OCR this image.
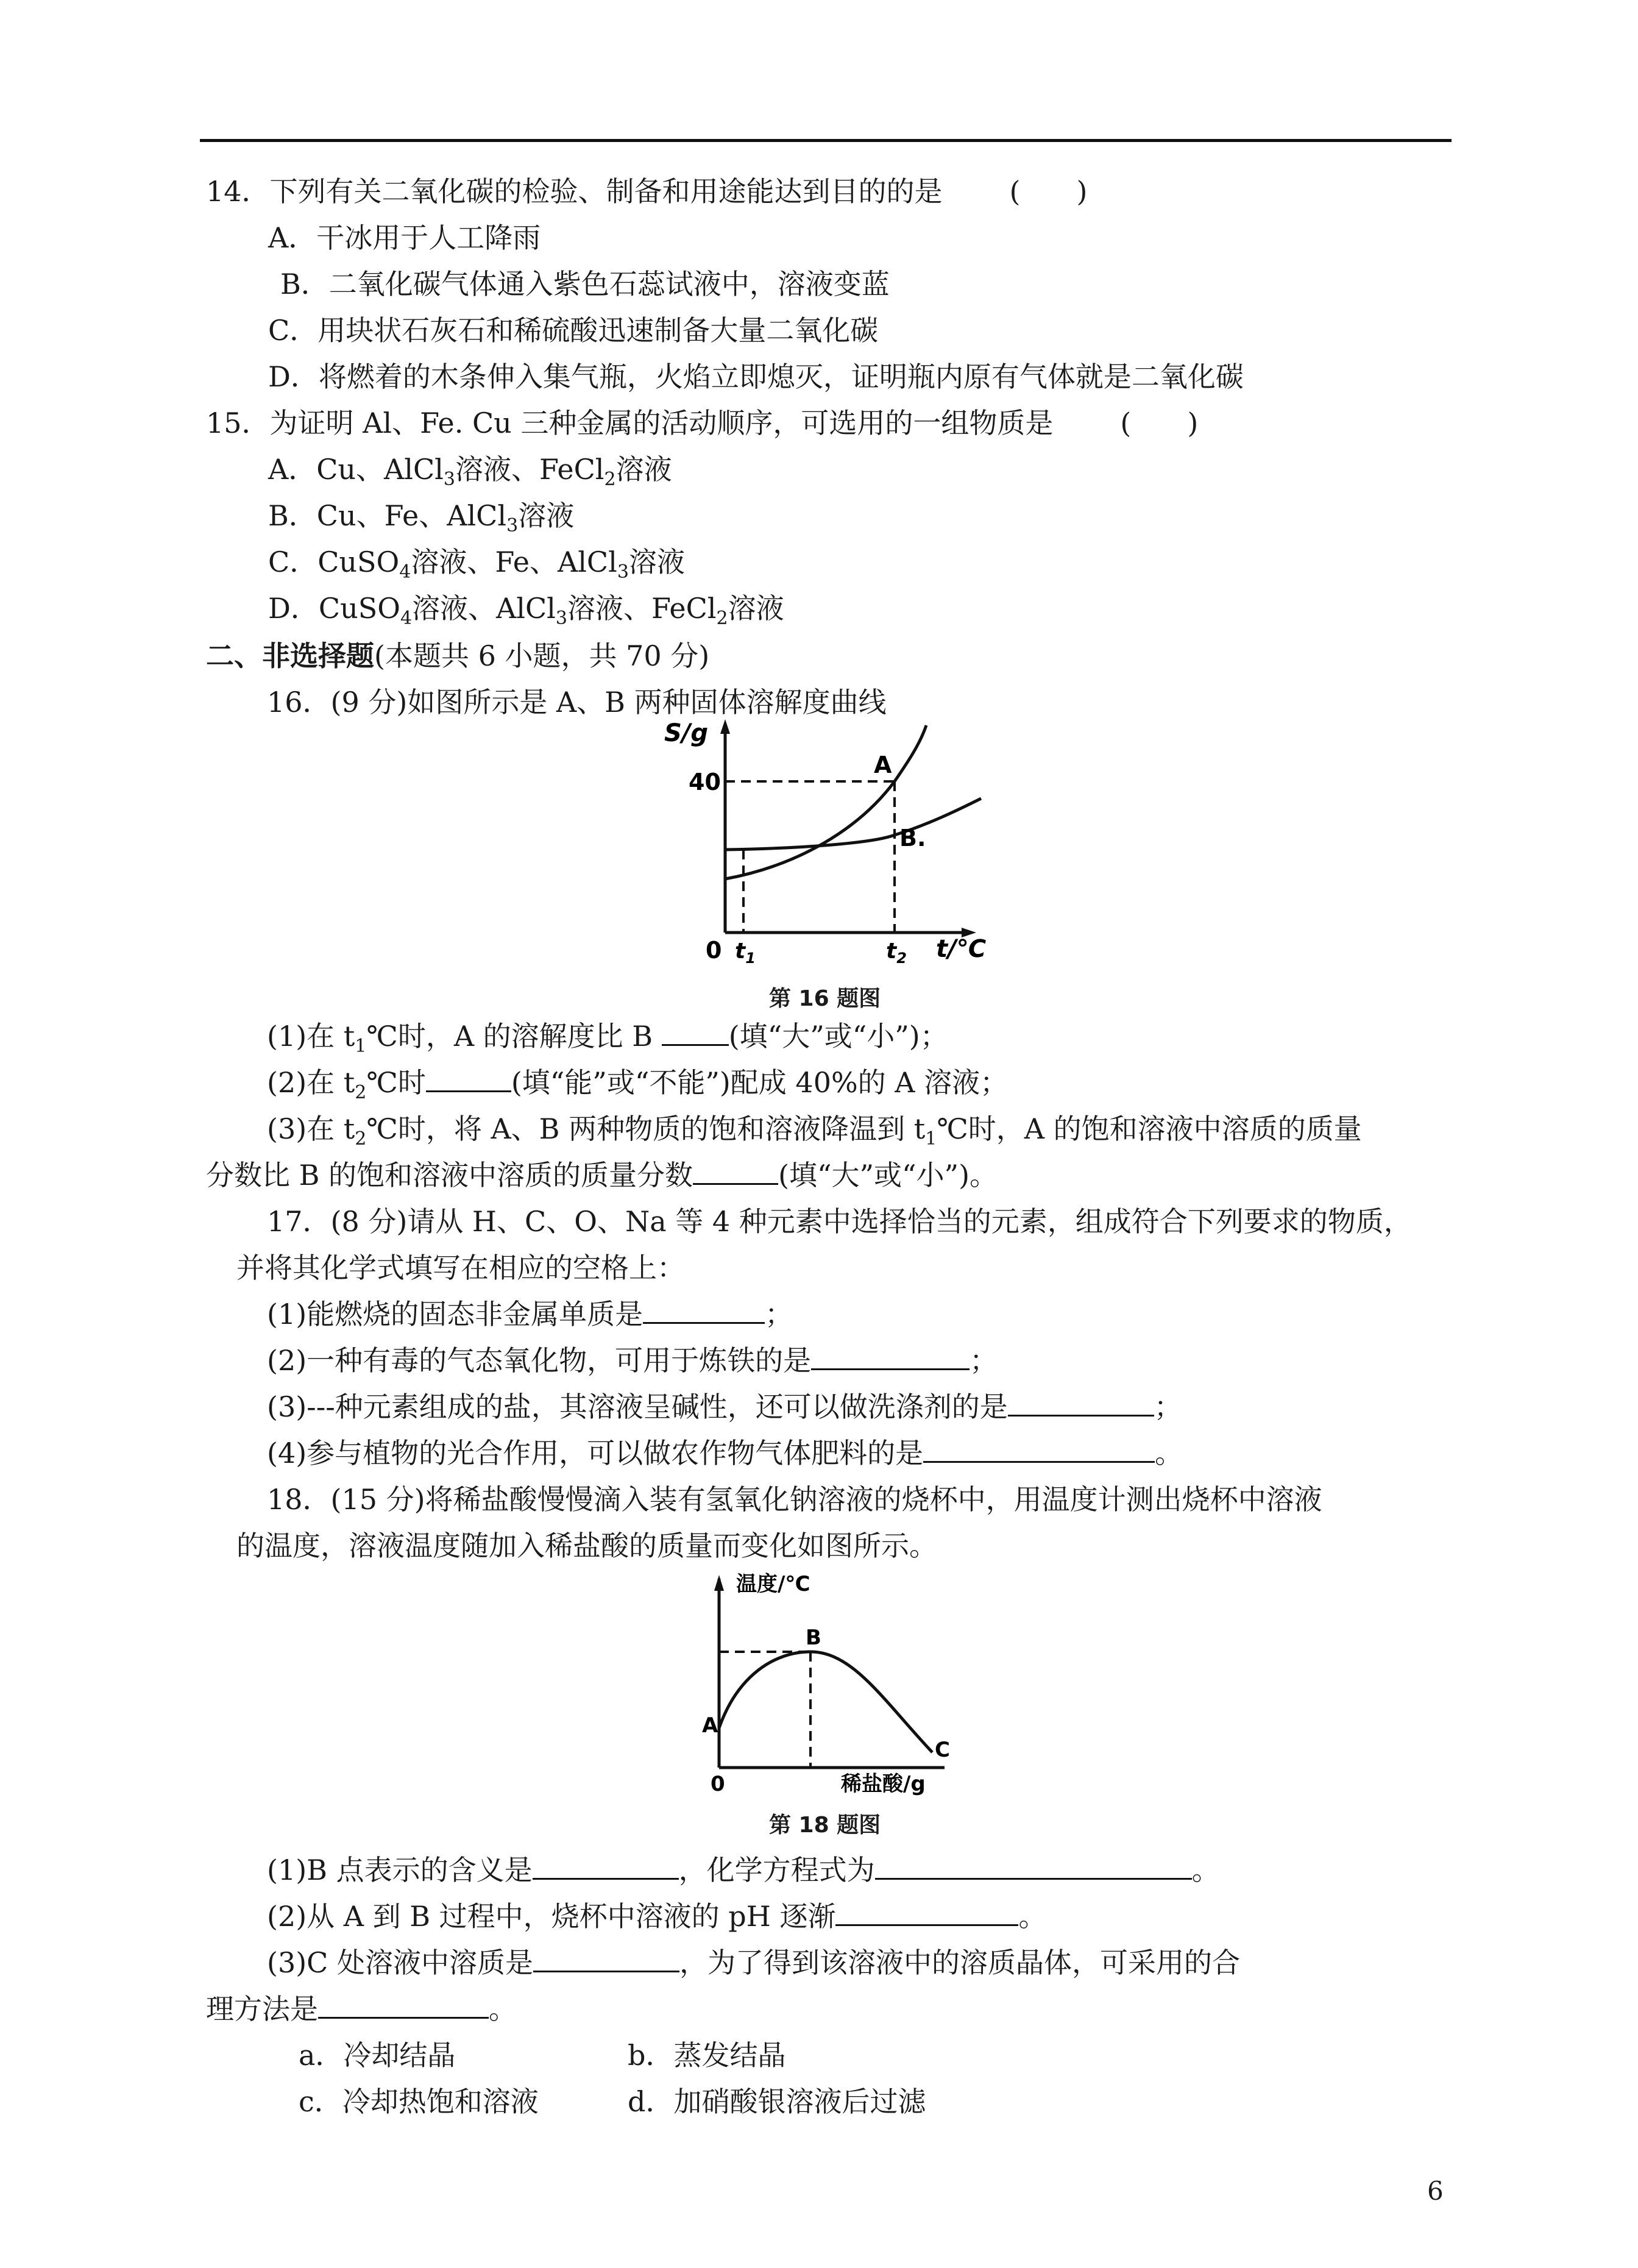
14．下列有关二氧化碳的检验、制备和用途能达到目的的是 (　　)
A．干冰用于人工降雨
B．二氧化碳气体通入紫色石蕊试液中，溶液变蓝
C．用块状石灰石和稀硫酸迅速制备大量二氧化碳
D．将燃着的木条伸入集气瓶，火焰立即熄灭，证明瓶内原有气体就是二氧化碳
15．为证明 Al、Fe. Cu 三种金属的活动顺序，可选用的一组物质是 (　　)
A．Cu、AlCl$_3$溶液、FeCl$_2$溶液
B．Cu、Fe、AlCl$_3$溶液
C．CuSO$_4$溶液、Fe、AlCl$_3$溶液
D．CuSO$_4$溶液、AlCl$_3$溶液、FeCl$_2$溶液
二、非选择题(本题共 6 小题，共 70 分)
16．(9 分)如图所示是 A、B 两种固体溶解度曲线
S/g
40
0	t/℃
A
B.
$t_1$	$t_2$
第 16 题图
(1)在 $t_1℃$时，A 的溶解度比 B (填“大”或“小”)；
(2)在 $t_2℃$时	(填“能”或“不能”)配成 40%的 A 溶液；
(3)在 $t_2℃$时，将 A、B 两种物质的饱和溶液降温到 $t_1℃$时，A 的饱和溶液中溶质的质量
分数比 B 的饱和溶液中溶质的质量分数	(填“大”或“小”)。
17．(8 分)请从 H、C、O、Na 等 4 种元素中选择恰当的元素，组成符合下列要求的物质，
并将其化学式填写在相应的空格上：
(1)能燃烧的固态非金属单质是	；
(2)一种有毒的气态氧化物，可用于炼铁的是	；
(3)---种元素组成的盐，其溶液呈碱性，还可以做洗涤剂的是	；
(4)参与植物的光合作用，可以做农作物气体肥料的是	。
18．(15 分)将稀盐酸慢慢滴入装有氢氧化钠溶液的烧杯中，用温度计测出烧杯中溶液
的温度，溶液温度随加入稀盐酸的质量而变化如图所示。
温度/℃
A
B
C
0	稀盐酸/g
第 18 题图
(1)B 点表示的含义是	，化学方程式为	。
(2)从 A 到 B 过程中，烧杯中溶液的 pH 逐渐	。
(3)C 处溶液中溶质是	，为了得到该溶液中的溶质晶体，可采用的合
理方法是	。
a．冷却结晶	b．蒸发结晶
c．冷却热饱和溶液	d．加硝酸银溶液后过滤
6
